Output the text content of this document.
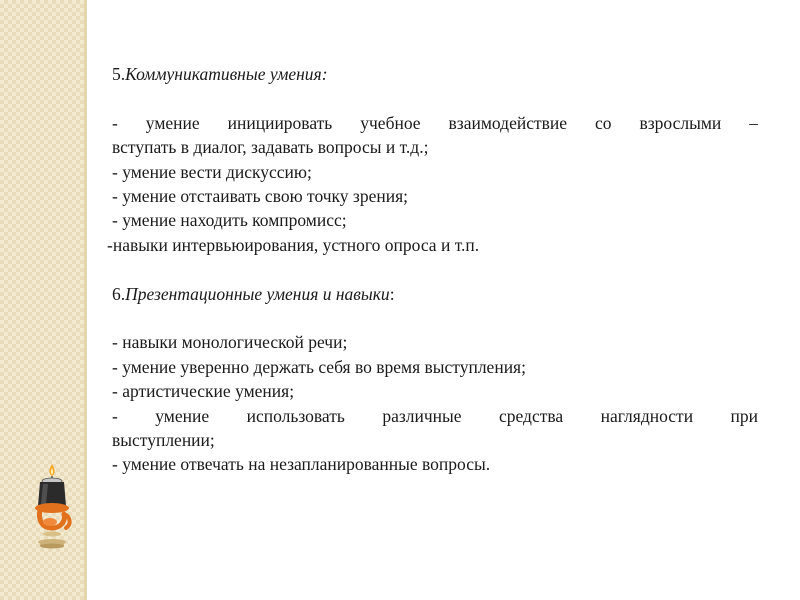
5.Коммуникативные умения:

- умение инициировать учебное взаимодействие со взрослыми –

вступать в диалог, задавать вопросы и т.д.;

- умение вести дискуссию;

- умение отстаивать свою точку зрения;

- умение находить компромисс;

-навыки интервьюирования, устного опроса и т.п.

6.Презентационные умения и навыки:

- навыки монологической речи;

- умение уверенно держать себя во время выступления;

- артистические умения;

- умение использовать различные средства наглядности при

выступлении;

- умение отвечать на незапланированные вопросы.
